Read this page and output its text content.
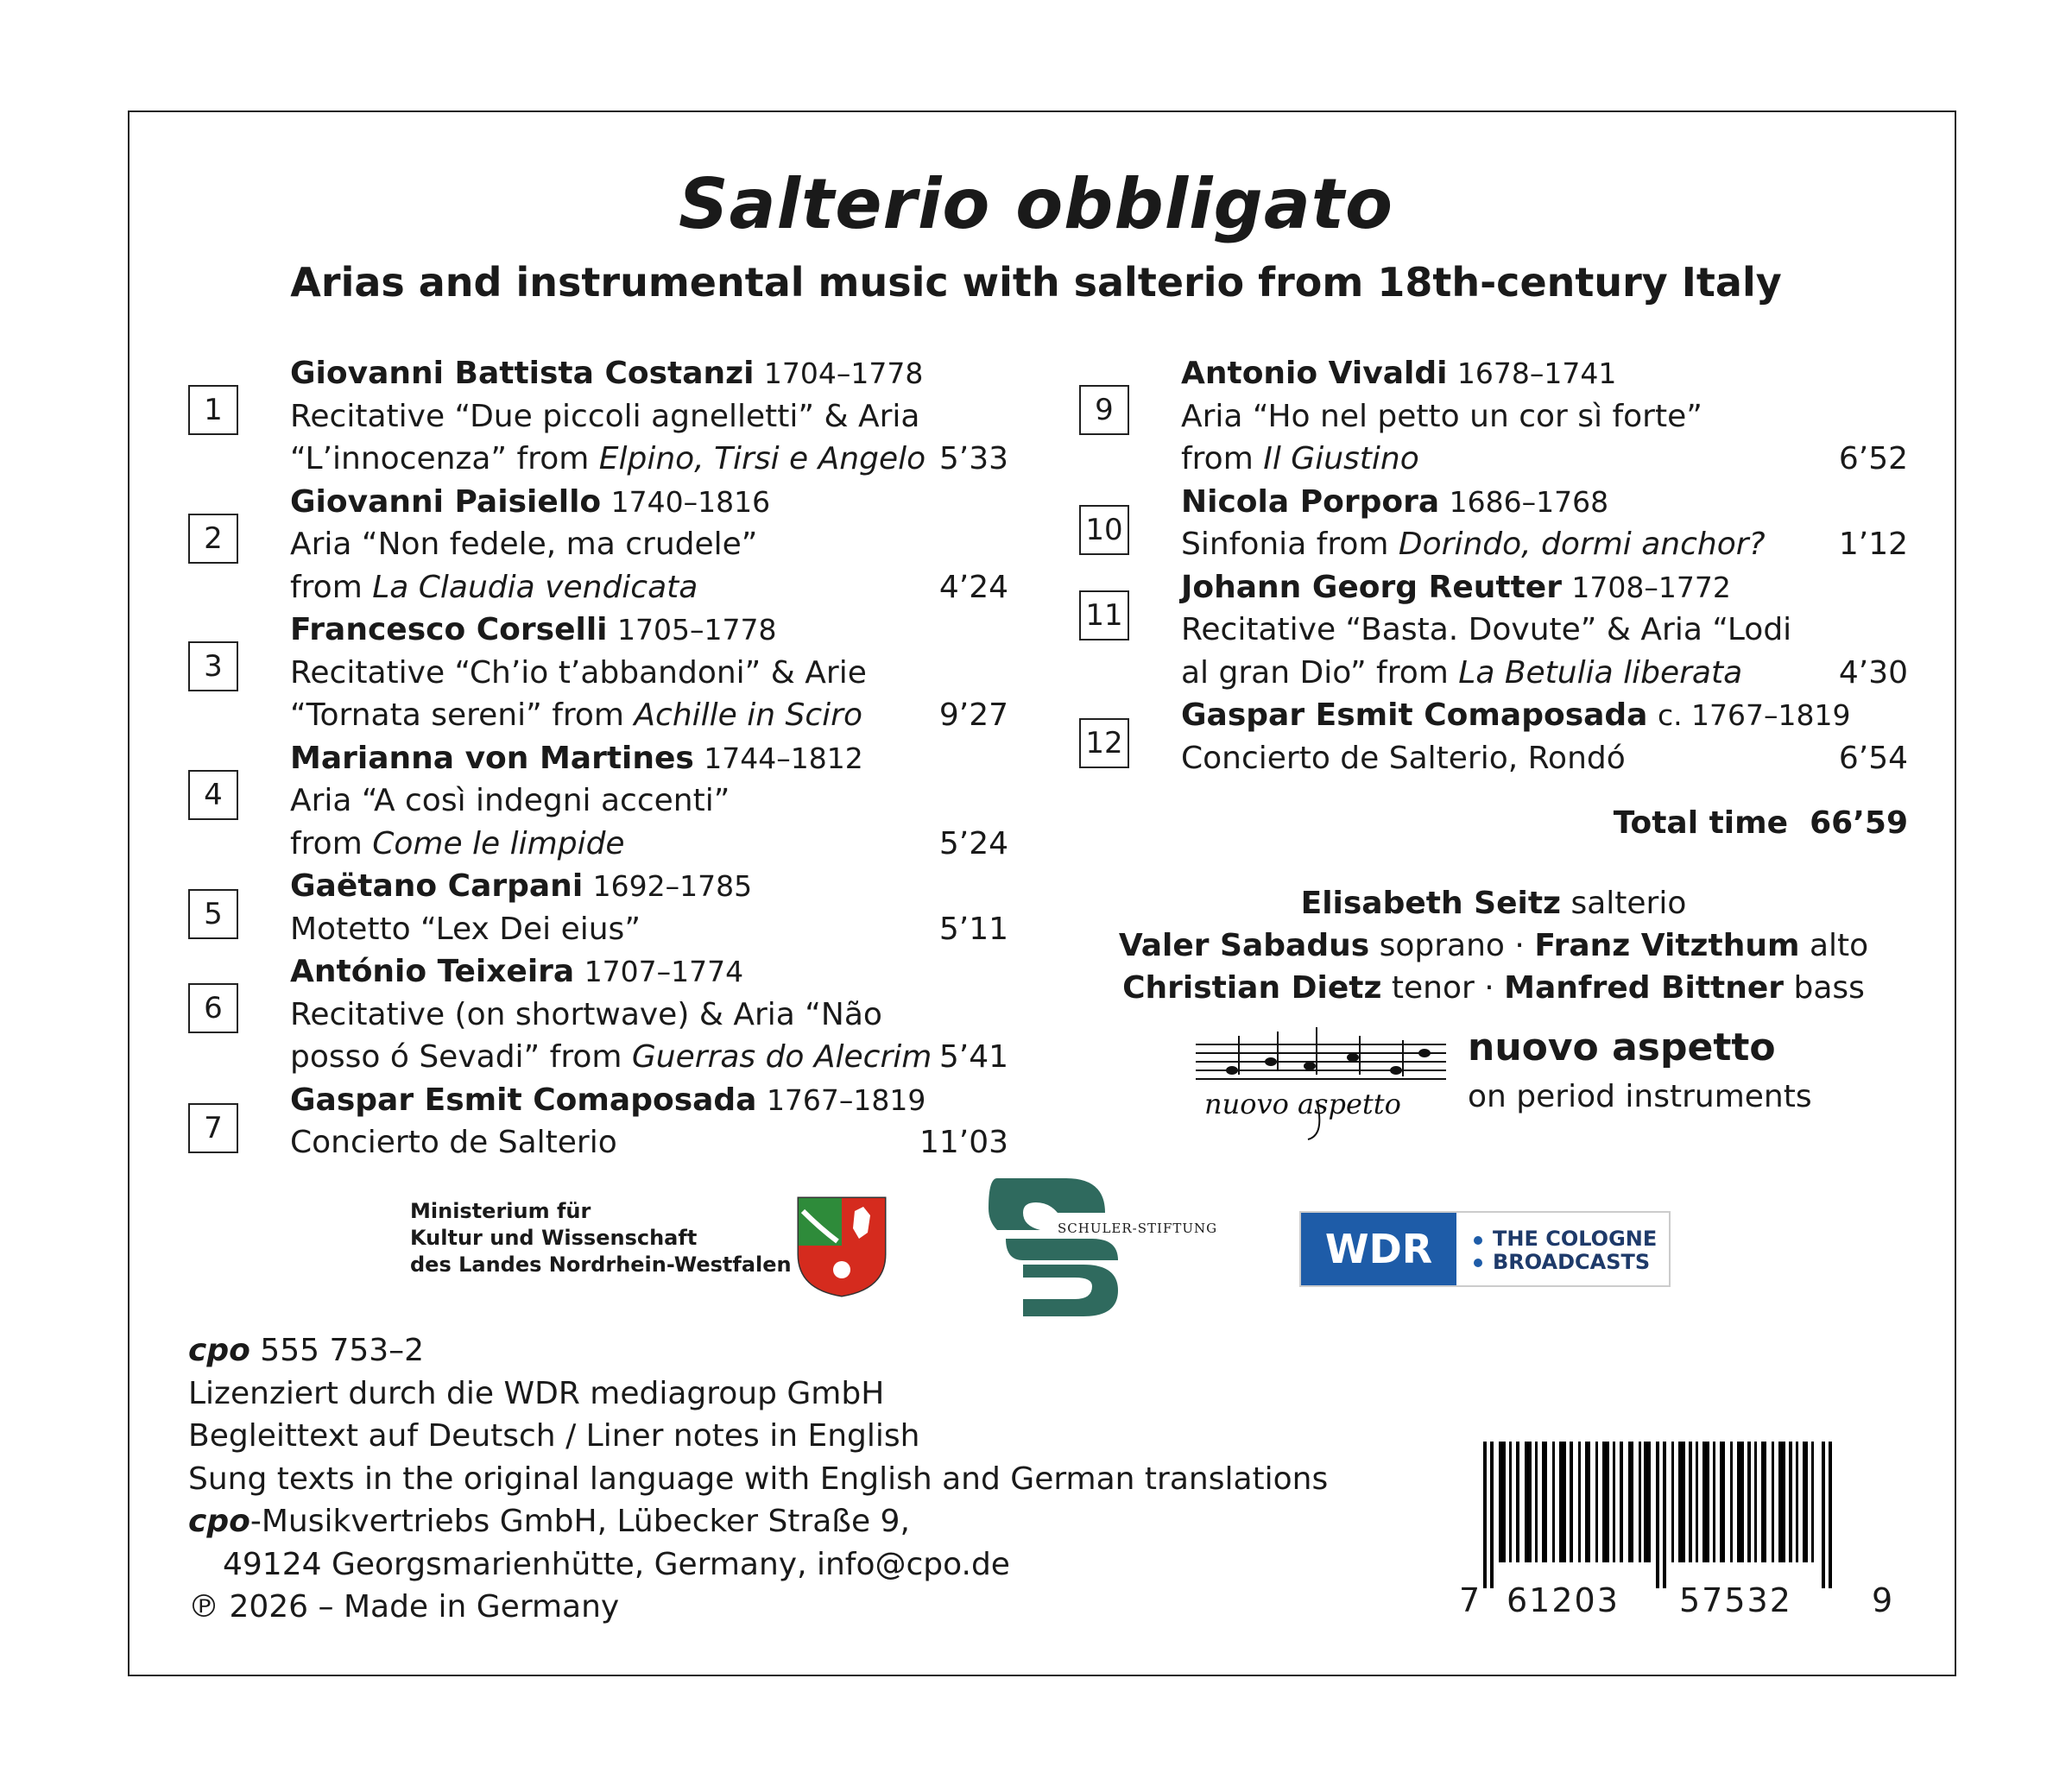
Salterio obbligato
Arias and instrumental music with salterio from 18th-century Italy
1
Giovanni Battista Costanzi 1704–1778
Recitative “Due piccoli agnelletti” & Aria
“L’innocenza” from Elpino, Tirsi e Angelo 5’33
2
Giovanni Paisiello 1740–1816
Aria “Non fedele, ma crudele”
from La Claudia vendicata	4’24
3
Francesco Corselli 1705–1778
Recitative “Ch’io t’abbandoni” & Arie
“Tornata sereni” from Achille in Sciro 9’27
4
Marianna von Martines 1744–1812
Aria “A così indegni accenti”
from Come le limpide	5’24
5
Gaëtano Carpani 1692–1785
Motetto “Lex Dei eius”	5’11
6
António Teixeira 1707–1774
Recitative (on shortwave) & Aria “Não
posso ó Sevadi” from Guerras do Alecrim 5’41
7
Gaspar Esmit Comaposada 1767–1819
Concierto de Salterio	11’03
9
Antonio Vivaldi 1678–1741
Aria “Ho nel petto un cor sì forte”
from Il Giustino	6’52
10
Nicola Porpora 1686–1768
Sinfonia from Dorindo, dormi anchor? 1’12
11
Johann Georg Reutter 1708–1772
Recitative “Basta. Dovute” & Aria “Lodi
al gran Dio” from La Betulia liberata	4’30
12
Gaspar Esmit Comaposada c. 1767–1819
Concierto de Salterio, Rondó	6’54
Total time 66’59
Elisabeth Seitz salterio
Valer Sabadus soprano · Franz Vitzthum alto
Christian Dietz tenor · Manfred Bittner bass
nuovo aspetto
nuovo aspetto
on period instruments
Ministerium für
Kultur und Wissenschaft
des Landes Nordrhein-Westfalen
SCHULER-STIFTUNG	WDR	THE COLOGNE
BROADCASTS
cpo 555 753–2
Lizenziert durch die WDR mediagroup GmbH
Begleittext auf Deutsch / Liner notes in English
Sung texts in the original language with English and German translations
cpo-Musikvertriebs GmbH, Lübecker Straße 9,
49124 Georgsmarienhütte, Germany, info@cpo.de
℗ 2026 – Made in Germany	7 61203 57532 9
